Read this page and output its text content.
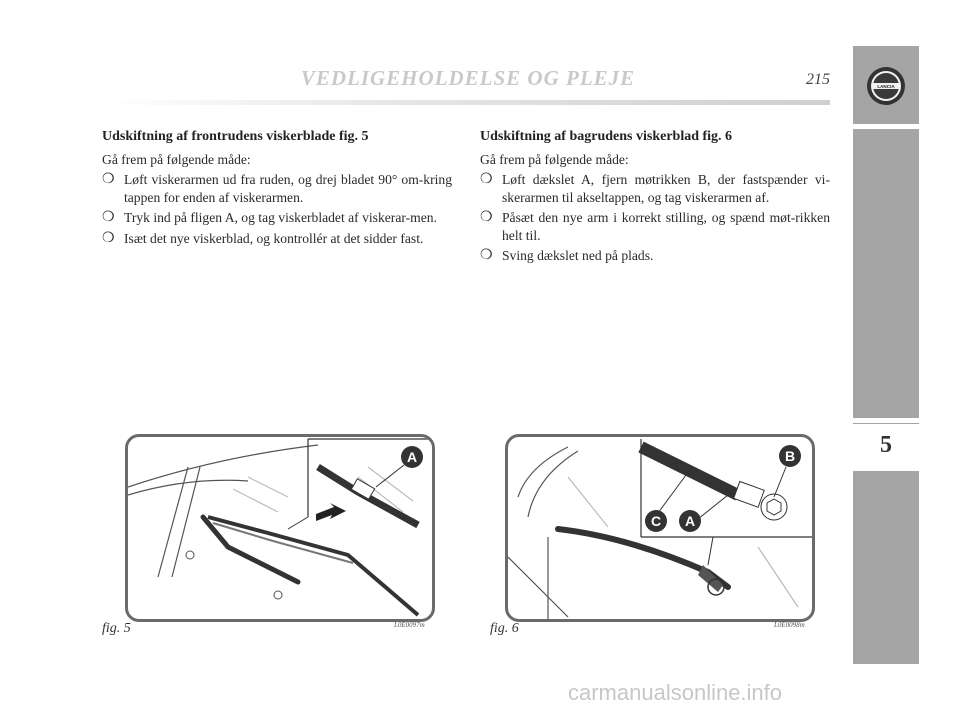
VEDLIGEHOLDELSE OG PLEJE	215	LANCIA
5
Udskiftning af frontrudens viskerblade fig. 5

Gå frem på følgende måde:

❍ Løft viskerarmen ud fra ruden, og drej bladet 90° om-kring tappen for enden af viskerarmen.
❍ Tryk ind på fligen A, og tag viskerbladet af viskerar-men.
❍ Isæt det nye viskerblad, og kontrollér at det sidder fast.
Udskiftning af bagrudens viskerblad fig. 6

Gå frem på følgende måde:

❍ Løft dækslet A, fjern møtrikken B, der fastspænder vi-skerarmen til akseltappen, og tag viskerarmen af.
❍ Påsæt den nye arm i korrekt stilling, og spænd møt-rikken helt til.
❍ Sving dækslet ned på plads.
A
fig. 5	L0E0097m
B
C A
fig. 6	L0E0098m
carmanualsonline.info
